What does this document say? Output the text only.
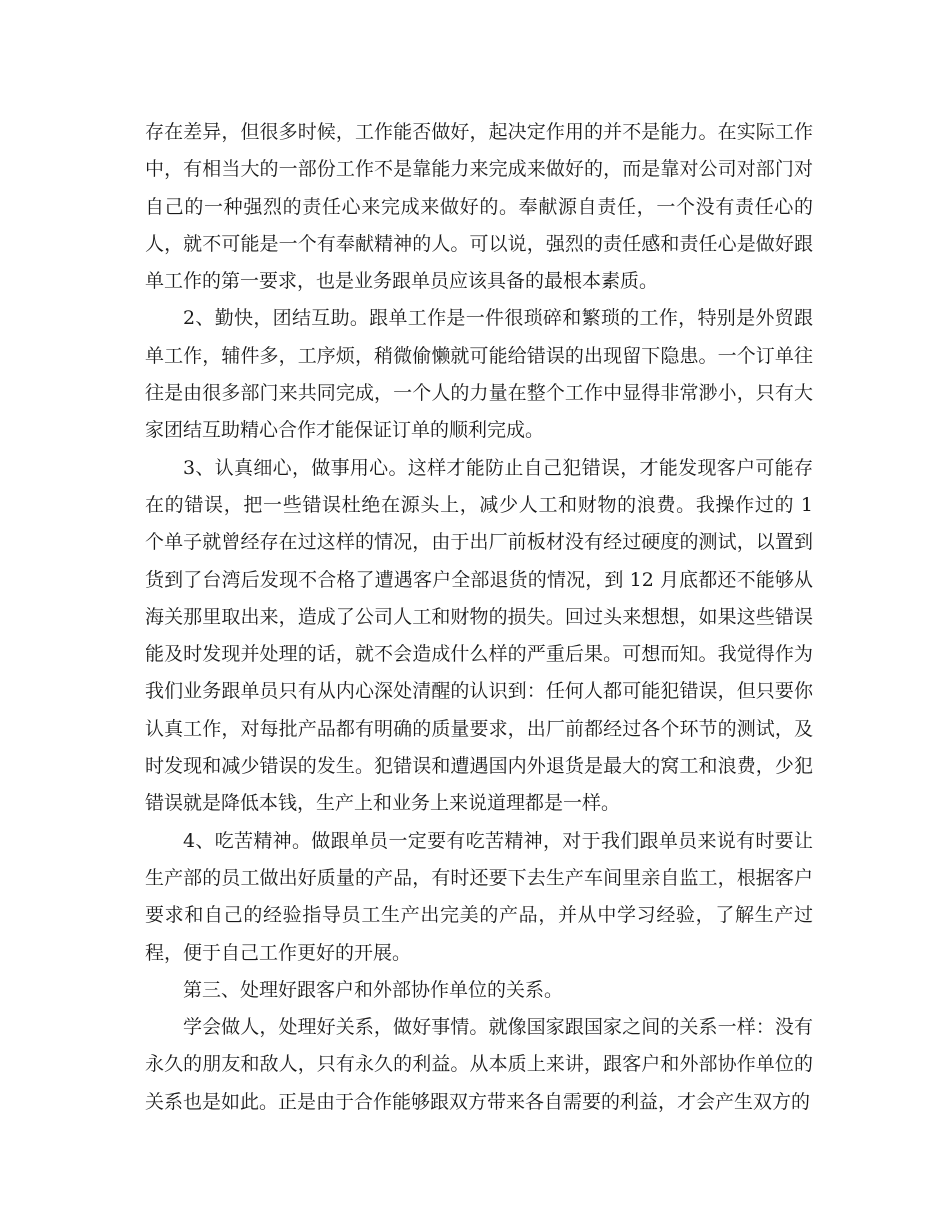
存在差异，但很多时候，工作能否做好，起决定作用的并不是能力。在实际工作中，有相当大的一部份工作不是靠能力来完成来做好的，而是靠对公司对部门对自己的一种强烈的责任心来完成来做好的。奉献源自责任，一个没有责任心的人，就不可能是一个有奉献精神的人。可以说，强烈的责任感和责任心是做好跟单工作的第一要求，也是业务跟单员应该具备的最根本素质。

2、勤快，团结互助。跟单工作是一件很琐碎和繁琐的工作，特别是外贸跟单工作，辅件多，工序烦，稍微偷懒就可能给错误的出现留下隐患。一个订单往往是由很多部门来共同完成，一个人的力量在整个工作中显得非常渺小，只有大家团结互助精心合作才能保证订单的顺利完成。

3、认真细心，做事用心。这样才能防止自己犯错误，才能发现客户可能存在的错误，把一些错误杜绝在源头上，减少人工和财物的浪费。我操作过的 1 个单子就曾经存在过这样的情况，由于出厂前板材没有经过硬度的测试，以置到货到了台湾后发现不合格了遭遇客户全部退货的情况，到 12 月底都还不能够从海关那里取出来，造成了公司人工和财物的损失。回过头来想想，如果这些错误能及时发现并处理的话，就不会造成什么样的严重后果。可想而知。我觉得作为我们业务跟单员只有从内心深处清醒的认识到：任何人都可能犯错误，但只要你认真工作，对每批产品都有明确的质量要求，出厂前都经过各个环节的测试，及时发现和减少错误的发生。犯错误和遭遇国内外退货是最大的窝工和浪费，少犯错误就是降低本钱，生产上和业务上来说道理都是一样。

4、吃苦精神。做跟单员一定要有吃苦精神，对于我们跟单员来说有时要让生产部的员工做出好质量的产品，有时还要下去生产车间里亲自监工，根据客户要求和自己的经验指导员工生产出完美的产品，并从中学习经验，了解生产过程，便于自己工作更好的开展。

第三、处理好跟客户和外部协作单位的关系。

学会做人，处理好关系，做好事情。就像国家跟国家之间的关系一样：没有永久的朋友和敌人，只有永久的利益。从本质上来讲，跟客户和外部协作单位的关系也是如此。正是由于合作能够跟双方带来各自需要的利益，才会产生双方的
